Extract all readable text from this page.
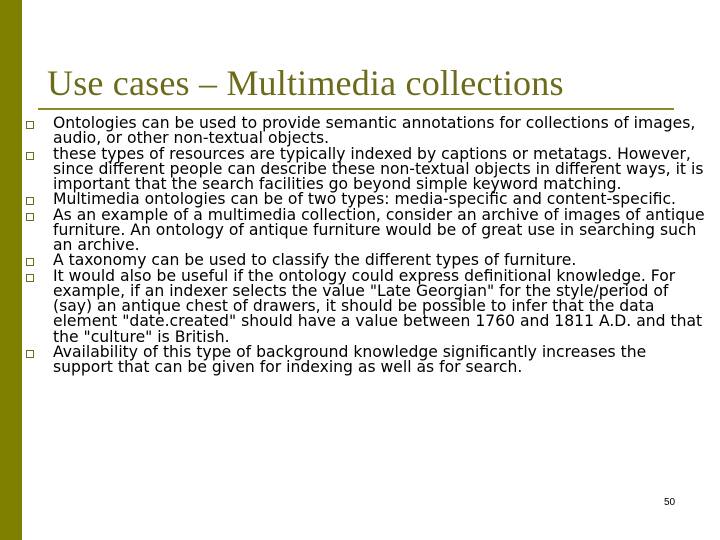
Use cases – Multimedia collections
Ontologies can be used to provide semantic annotations for collections of images, audio, or other non-textual objects.
these types of resources are typically indexed by captions or metatags. However, since different people can describe these non-textual objects in different ways, it is important that the search facilities go beyond simple keyword matching.
Multimedia ontologies can be of two types: media-specific and content-specific.
As an example of a multimedia collection, consider an archive of images of antique furniture. An ontology of antique furniture would be of great use in searching such an archive.
A taxonomy can be used to classify the different types of furniture.
It would also be useful if the ontology could express definitional knowledge. For example, if an indexer selects the value "Late Georgian" for the style/period of (say) an antique chest of drawers, it should be possible to infer that the data element "date.created" should have a value between 1760 and 1811 A.D. and that the "culture" is British.
Availability of this type of background knowledge significantly increases the support that can be given for indexing as well as for search.
50
